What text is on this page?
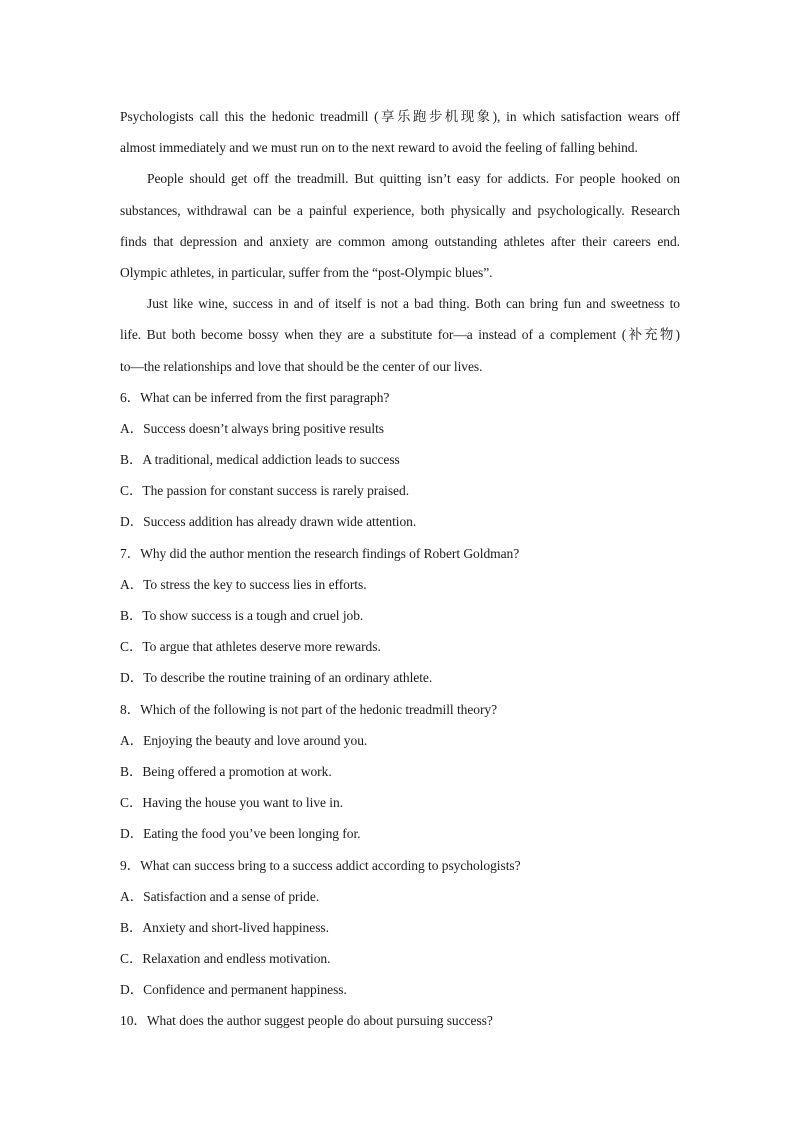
Psychologists call this the hedonic treadmill (享乐跑步机现象), in which satisfaction wears off
almost immediately and we must run on to the next reward to avoid the feeling of falling behind.
People should get off the treadmill. But quitting isn’t easy for addicts. For people hooked on
substances, withdrawal can be a painful experience, both physically and psychologically. Research
finds that depression and anxiety are common among outstanding athletes after their careers end.
Olympic athletes, in particular, suffer from the “post-Olympic blues”.
Just like wine, success in and of itself is not a bad thing. Both can bring fun and sweetness to
life. But both become bossy when they are a substitute for—a instead of a complement (补充物)
to—the relationships and love that should be the center of our lives.
6．What can be inferred from the first paragraph?
A．Success doesn’t always bring positive results
B．A traditional, medical addiction leads to success
C．The passion for constant success is rarely praised.
D．Success addition has already drawn wide attention.
7．Why did the author mention the research findings of Robert Goldman?
A．To stress the key to success lies in efforts.
B．To show success is a tough and cruel job.
C．To argue that athletes deserve more rewards.
D．To describe the routine training of an ordinary athlete.
8．Which of the following is not part of the hedonic treadmill theory?
A．Enjoying the beauty and love around you.
B．Being offered a promotion at work.
C．Having the house you want to live in.
D．Eating the food you’ve been longing for.
9．What can success bring to a success addict according to psychologists?
A．Satisfaction and a sense of pride.
B．Anxiety and short-lived happiness.
C．Relaxation and endless motivation.
D．Confidence and permanent happiness.
10．What does the author suggest people do about pursuing success?
